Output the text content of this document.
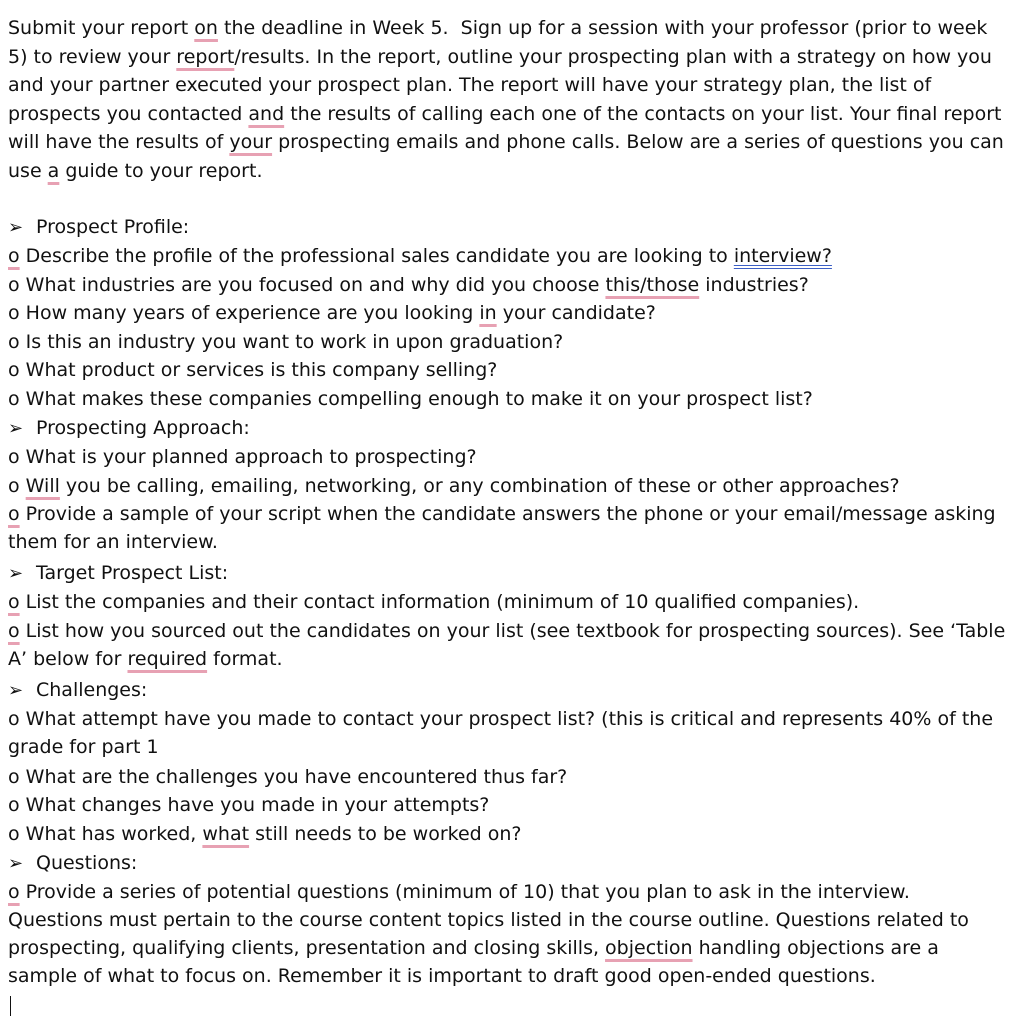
Submit your report on the deadline in Week 5.  Sign up for a session with your professor (prior to week 5) to review your report/results. In the report, outline your prospecting plan with a strategy on how you and your partner executed your prospect plan. The report will have your strategy plan, the list of prospects you contacted and the results of calling each one of the contacts on your list. Your final report will have the results of your prospecting emails and phone calls. Below are a series of questions you can use a guide to your report.
➢ Prospect Profile:
o Describe the profile of the professional sales candidate you are looking to interview?
o What industries are you focused on and why did you choose this/those industries?
o How many years of experience are you looking in your candidate?
o Is this an industry you want to work in upon graduation?
o What product or services is this company selling?
o What makes these companies compelling enough to make it on your prospect list?
➢ Prospecting Approach:
o What is your planned approach to prospecting?
o Will you be calling, emailing, networking, or any combination of these or other approaches?
o Provide a sample of your script when the candidate answers the phone or your email/message asking them for an interview.
➢ Target Prospect List:
o List the companies and their contact information (minimum of 10 qualified companies).
o List how you sourced out the candidates on your list (see textbook for prospecting sources). See ‘Table A’ below for required format.
➢ Challenges:
o What attempt have you made to contact your prospect list? (this is critical and represents 40% of the grade for part 1
o What are the challenges you have encountered thus far?
o What changes have you made in your attempts?
o What has worked, what still needs to be worked on?
➢ Questions:
o Provide a series of potential questions (minimum of 10) that you plan to ask in the interview. Questions must pertain to the course content topics listed in the course outline. Questions related to prospecting, qualifying clients, presentation and closing skills, objection handling objections are a sample of what to focus on. Remember it is important to draft good open-ended questions.
